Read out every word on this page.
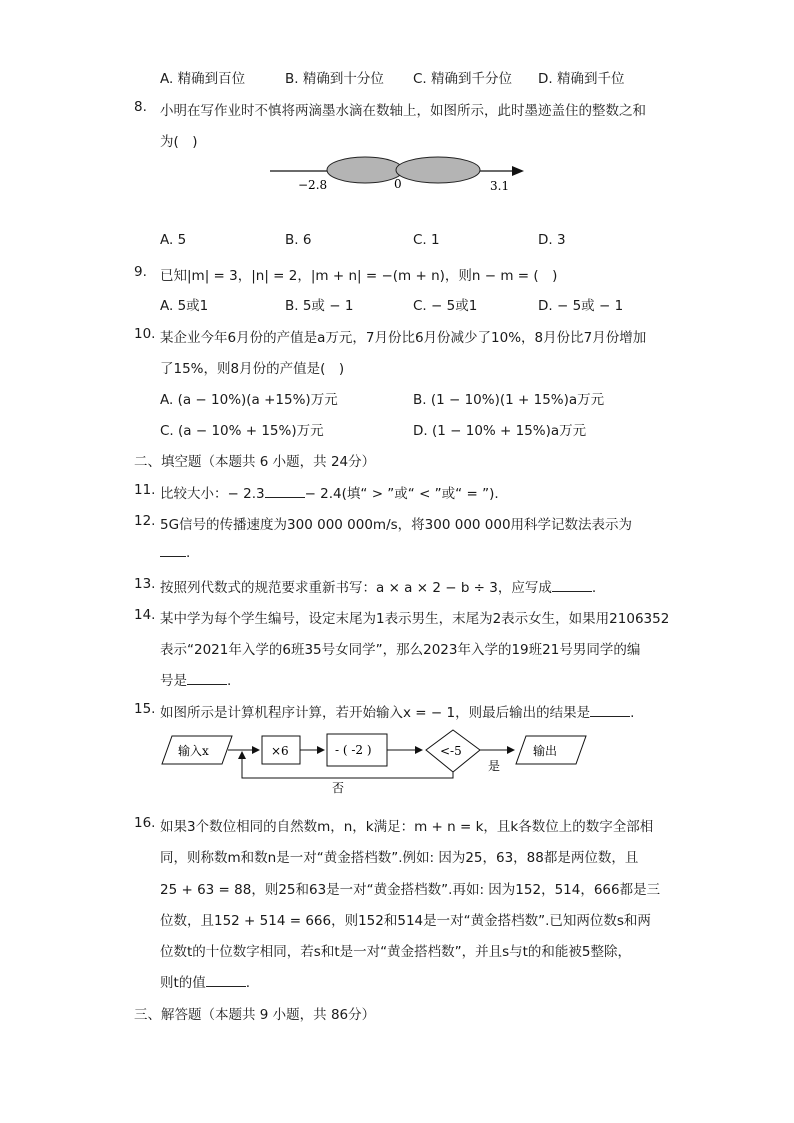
A. 精确到百位	B. 精确到十分位 C. 精确到千分位 D. 精确到千位
8. 小明在写作业时不慎将两滴墨水滴在数轴上，如图所示，此时墨迹盖住的整数之和
为(　)
−2.8	0	3.1
A. 5	B. 6	C. 1	D. 3
9. 已知|m| = 3，|n| = 2，|m + n| = −(m + n)，则n − m = (　)
A. 5或1	B. 5或 − 1	C. − 5或1	D. − 5或 − 1
10. 某企业今年6月份的产值是a万元，7月份比6月份减少了10%，8月份比7月份增加
了15%，则8月份的产值是(　)
A. (a − 10%)(a +15%)万元	B. (1 − 10%)(1 + 15%)a万元
C. (a − 10% + 15%)万元	D. (1 − 10% + 15%)a万元
二、填空题（本题共 6 小题，共 24分）
11. 比较大小：− 2.3	− 2.4(填“ > ”或“ < ”或“ = ”).
12. 5G信号的传播速度为300 000 000m/s，将300 000 000用科学记数法表示为
.
13. 按照列代数式的规范要求重新书写：a × a × 2 − b ÷ 3，应写成	.
14. 某中学为每个学生编号，设定末尾为1表示男生，末尾为2表示女生，如果用2106352
表示“2021年入学的6班35号女同学”，那么2023年入学的19班21号男同学的编
号是	.
15. 如图所示是计算机程序计算，若开始输入x = − 1，则最后输出的结果是	.
输入x	×6	- ( -2 )	<-5
是
输出
否
16. 如果3个数位相同的自然数m，n，k满足：m + n = k，且k各数位上的数字全部相
同，则称数m和数n是一对“黄金搭档数”.例如: 因为25，63，88都是两位数，且
25 + 63 = 88，则25和63是一对“黄金搭档数”.再如: 因为152，514，666都是三
位数，且152 + 514 = 666，则152和514是一对“黄金搭档数”.已知两位数s和两
位数t的十位数字相同，若s和t是一对“黄金搭档数”，并且s与t的和能被5整除，
则t的值	.
三、解答题（本题共 9 小题，共 86分）
